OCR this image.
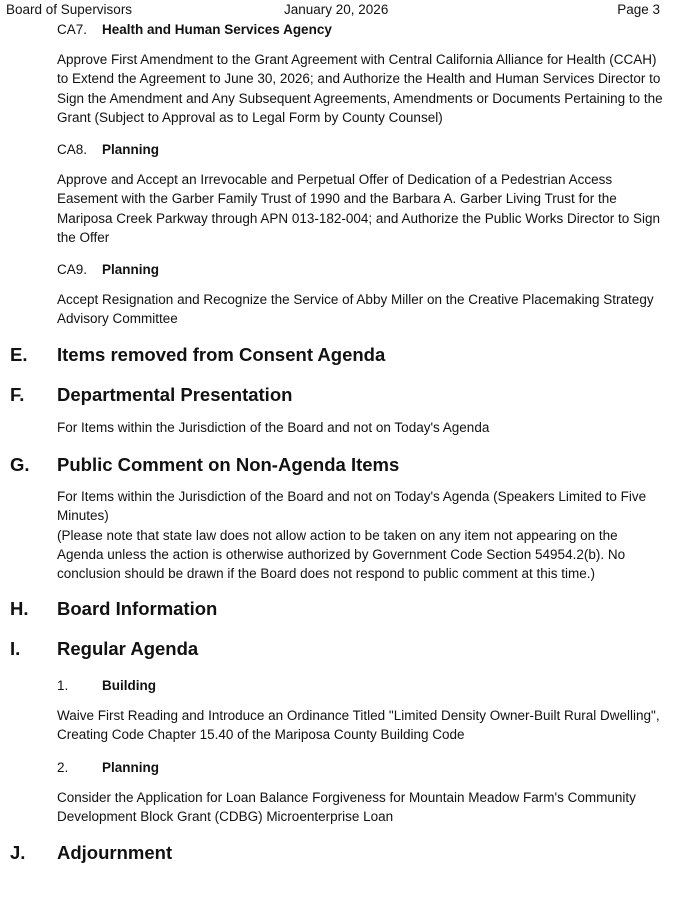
Board of Supervisors	January 20, 2026	Page 3
CA7. Health and Human Services Agency
Approve First Amendment to the Grant Agreement with Central California Alliance for Health (CCAH) to Extend the Agreement to June 30, 2026; and Authorize the Health and Human Services Director to Sign the Amendment and Any Subsequent Agreements, Amendments or Documents Pertaining to the Grant (Subject to Approval as to Legal Form by County Counsel)
CA8. Planning
Approve and Accept an Irrevocable and Perpetual Offer of Dedication of a Pedestrian Access Easement with the Garber Family Trust of 1990 and the Barbara A. Garber Living Trust for the Mariposa Creek Parkway through APN 013-182-004; and Authorize the Public Works Director to Sign the Offer
CA9. Planning
Accept Resignation and Recognize the Service of Abby Miller on the Creative Placemaking Strategy Advisory Committee
E. Items removed from Consent Agenda
F. Departmental Presentation
For Items within the Jurisdiction of the Board and not on Today's Agenda
G. Public Comment on Non-Agenda Items
For Items within the Jurisdiction of the Board and not on Today's Agenda (Speakers Limited to Five Minutes)
(Please note that state law does not allow action to be taken on any item not appearing on the Agenda unless the action is otherwise authorized by Government Code Section 54954.2(b). No conclusion should be drawn if the Board does not respond to public comment at this time.)
H. Board Information
I. Regular Agenda
1. Building
Waive First Reading and Introduce an Ordinance Titled "Limited Density Owner-Built Rural Dwelling", Creating Code Chapter 15.40 of the Mariposa County Building Code
2. Planning
Consider the Application for Loan Balance Forgiveness for Mountain Meadow Farm's Community Development Block Grant (CDBG) Microenterprise Loan
J. Adjournment
